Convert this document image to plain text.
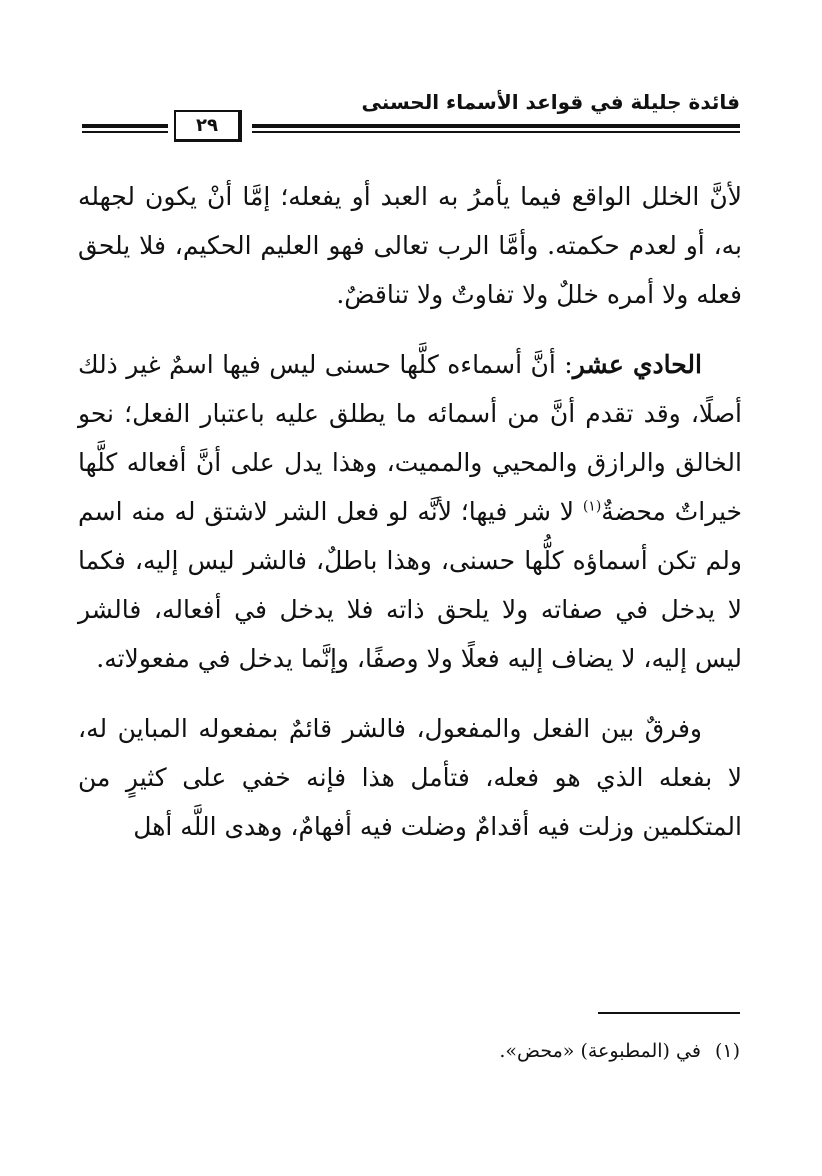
فائدة جليلة في قواعد الأسماء الحسنى
٢٩

لأنَّ الخلل الواقع فيما يأمرُ به العبد أو يفعله؛ إمَّا أنْ يكون لجهله به، أو لعدم حكمته. وأمَّا الرب تعالى فهو العليم الحكيم، فلا يلحق فعله ولا أمره خللٌ ولا تفاوتٌ ولا تناقضٌ.

الحادي عشر: أنَّ أسماءه كلَّها حسنى ليس فيها اسمٌ غير ذلك أصلًا، وقد تقدم أنَّ من أسمائه ما يطلق عليه باعتبار الفعل؛ نحو الخالق والرازق والمحيي والمميت، وهذا يدل على أنَّ أفعاله كلَّها خيراتٌ محضةٌ$^{(١)}$ لا شر فيها؛ لأنَّه لو فعل الشر لاشتق له منه اسم ولم تكن أسماؤه كلُّها حسنى، وهذا باطلٌ، فالشر ليس إليه، فكما لا يدخل في صفاته ولا يلحق ذاته فلا يدخل في أفعاله، فالشر ليس إليه، لا يضاف إليه فعلًا ولا وصفًا، وإنَّما يدخل في مفعولاته.

وفرقٌ بين الفعل والمفعول، فالشر قائمٌ بمفعوله المباين له، لا بفعله الذي هو فعله، فتأمل هذا فإنه خفي على كثيرٍ من المتكلمين وزلت فيه أقدامٌ وضلت فيه أفهامٌ، وهدى اللَّه أهل

(١)في (المطبوعة) «محض».
